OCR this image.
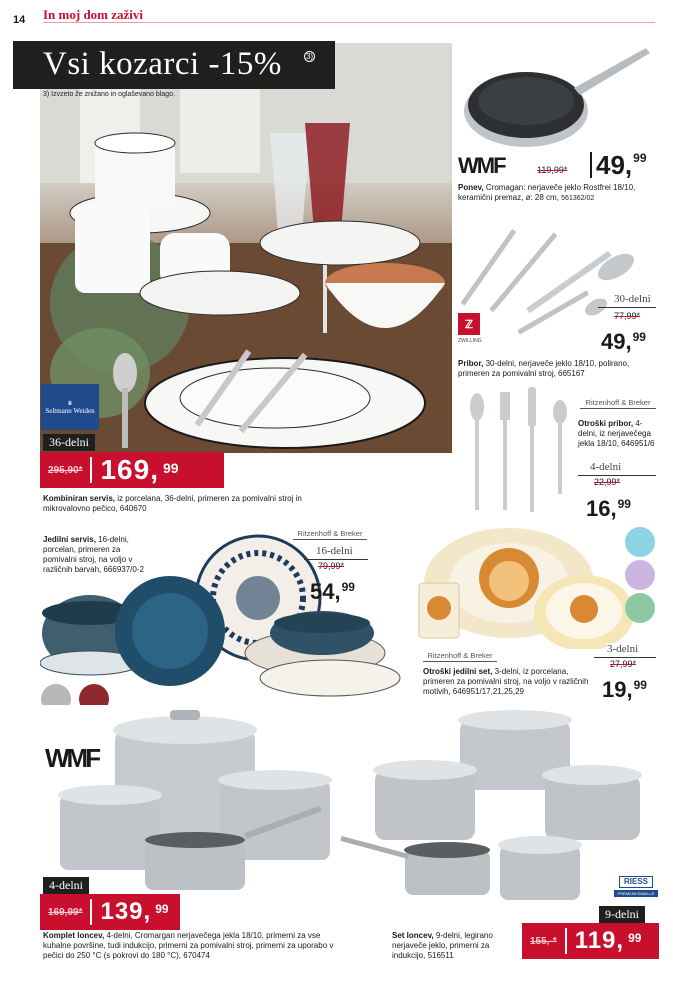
14 In moj dom zaživi
♛
Seltmann Weiden
Vsi kozarci -15%	3)
3) Izvzeto že znižano in oglaševano blago.
36-delni
295,90* 169, 99
Kombiniran servis, iz porcelana, 36-delni, primeren za pomivalni stroj in mikrovalovno pečico, 640670
WMF	119,99* 49, 99
Ponev, Cromagan: nerjaveče jeklo Rostfrei 18/10, keramični premaz, ø: 28 cm, 561362/02
ℤ
ZWILLING
30-delni
77,99*
49, 99
Pribor, 30-delni, nerjaveče jeklo 18/10, polirano, primeren za pomivalni stroj, 665167
Ritzenhoff & Breker
Otroški pribor, 4-delni, iz nerjavečega jekla 18/10, 646951/6
4-delni
22,99*
16, 99
Jedilni servis, 16-delni, porcelan, primeren za pomivalni stroj, na voljo v različnih barvah, 666937/0-2
Ritzenhoff & Breker
16-delni
79,99*
54, 99
Ritzenhoff & Breker
3-delni
27,99*
19, 99
Otroški jedilni set, 3-delni, iz porcelana, primeren za pomivalni stroj, na voljo v različnih motivih, 646951/17,21,25,29
WMF
4-delni
169,99* 139, 99
Komplet loncev, 4-delni, Cromargan nerjavečega jekla 18/10, primerni za vse kuhalne površine, tudi indukcijo, primerni za pomivalni stroj, primerni za uporabo v pečici do 250 °C (s pokrovi do 180 °C), 670474
RIESS
PREMIUM EMAILLE
9-delni
155,-* 119, 99
Set loncev, 9-delni, legirano nerjaveče jeklo, primerni za indukcijo, 516511
